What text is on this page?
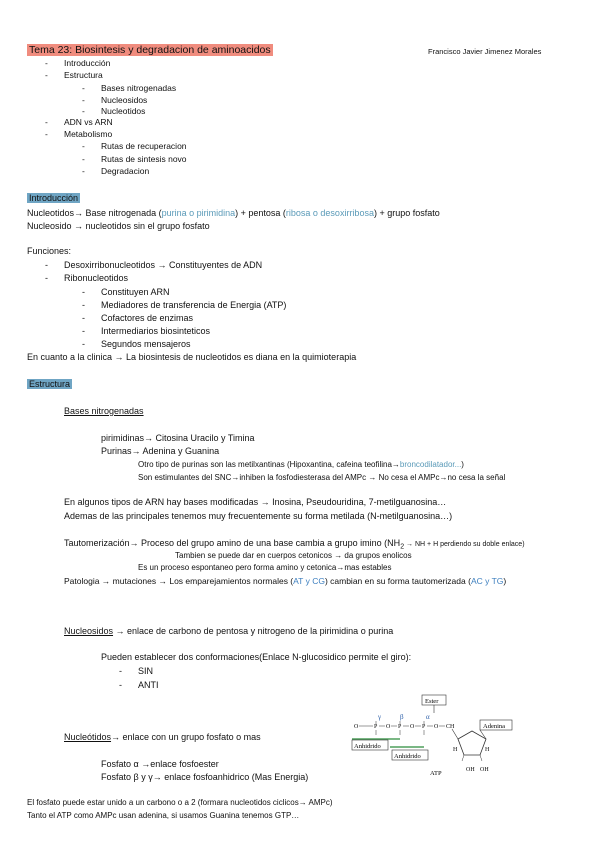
Tema 23: Biosintesis y degradacion de aminoacidos	Francisco Javier Jimenez Morales
- Introducción
- Estructura
- Bases nitrogenadas
- Nucleosidos
- Nucleotidos
- ADN vs ARN
- Metabolismo
- Rutas de recuperacion
- Rutas de sintesis novo
- Degradacion
Introducción
Nucleotidos→ Base nitrogenada (purina o pirimidina) + pentosa (ribosa o desoxirribosa) + grupo fosfato
Nucleosido → nucleotidos sin el grupo fosfato
Funciones:
- Desoxirribonucleotidos → Constituyentes de ADN
- Ribonucleotidos
- Constituyen ARN
- Mediadores de transferencia de Energia (ATP)
- Cofactores de enzimas
- Intermediarios biosinteticos
- Segundos mensajeros
En cuanto a la clinica → La biosintesis de nucleotidos es diana en la quimioterapia
Estructura
Bases nitrogenadas
pirimidinas→ Citosina Uracilo y Timina
Purinas→ Adenina y Guanina
Otro tipo de purinas son las metilxantinas (Hipoxantina, cafeina teofilina→broncodilatador...)
Son estimulantes del SNC→inhiben la fosfodiesterasa del AMPc → No cesa el AMPc→no cesa la señal
En algunos tipos de ARN hay bases modificadas → Inosina, Pseudouridina, 7-metilguanosina…
Ademas de las principales tenemos muy frecuentemente su forma metilada (N-metilguanosina…)
Tautomerización→ Proceso del grupo amino de una base cambia a grupo imino ($NH_2$ → NH + H perdiendo su doble enlace)
Tambien se puede dar en cuerpos cetonicos → da grupos enolicos
Es un proceso espontaneo pero forma amino y cetonica→mas estables
Patologia → mutaciones → Los emparejamientos normales (AT y CG) cambian en su forma tautomerizada (AC y TG)
Nucleosidos → enlace de carbono de pentosa y nitrogeno de la pirimidina o purina
Pueden establecer dos conformaciones(Enlace N-glucosidico permite el giro):
- SIN
- ANTI
Nucleótidos→ enlace con un grupo fosfato o mas
Fosfato α →enlace fosfoester
Fosfato β y γ→ enlace fosfoanhidrico (Mas Energia)
El fosfato puede estar unido a un carbono o a 2 (formara nucleotidos ciclicos→ AMPc)
Tanto el ATP como AMPc usan adenina, si usamos Guanina tenemos GTP…
Ester
γ	β	α
O	P O P O P O CH	Adenina
H	H
OH OH
Anhidrido
Anhidrido
ATP
